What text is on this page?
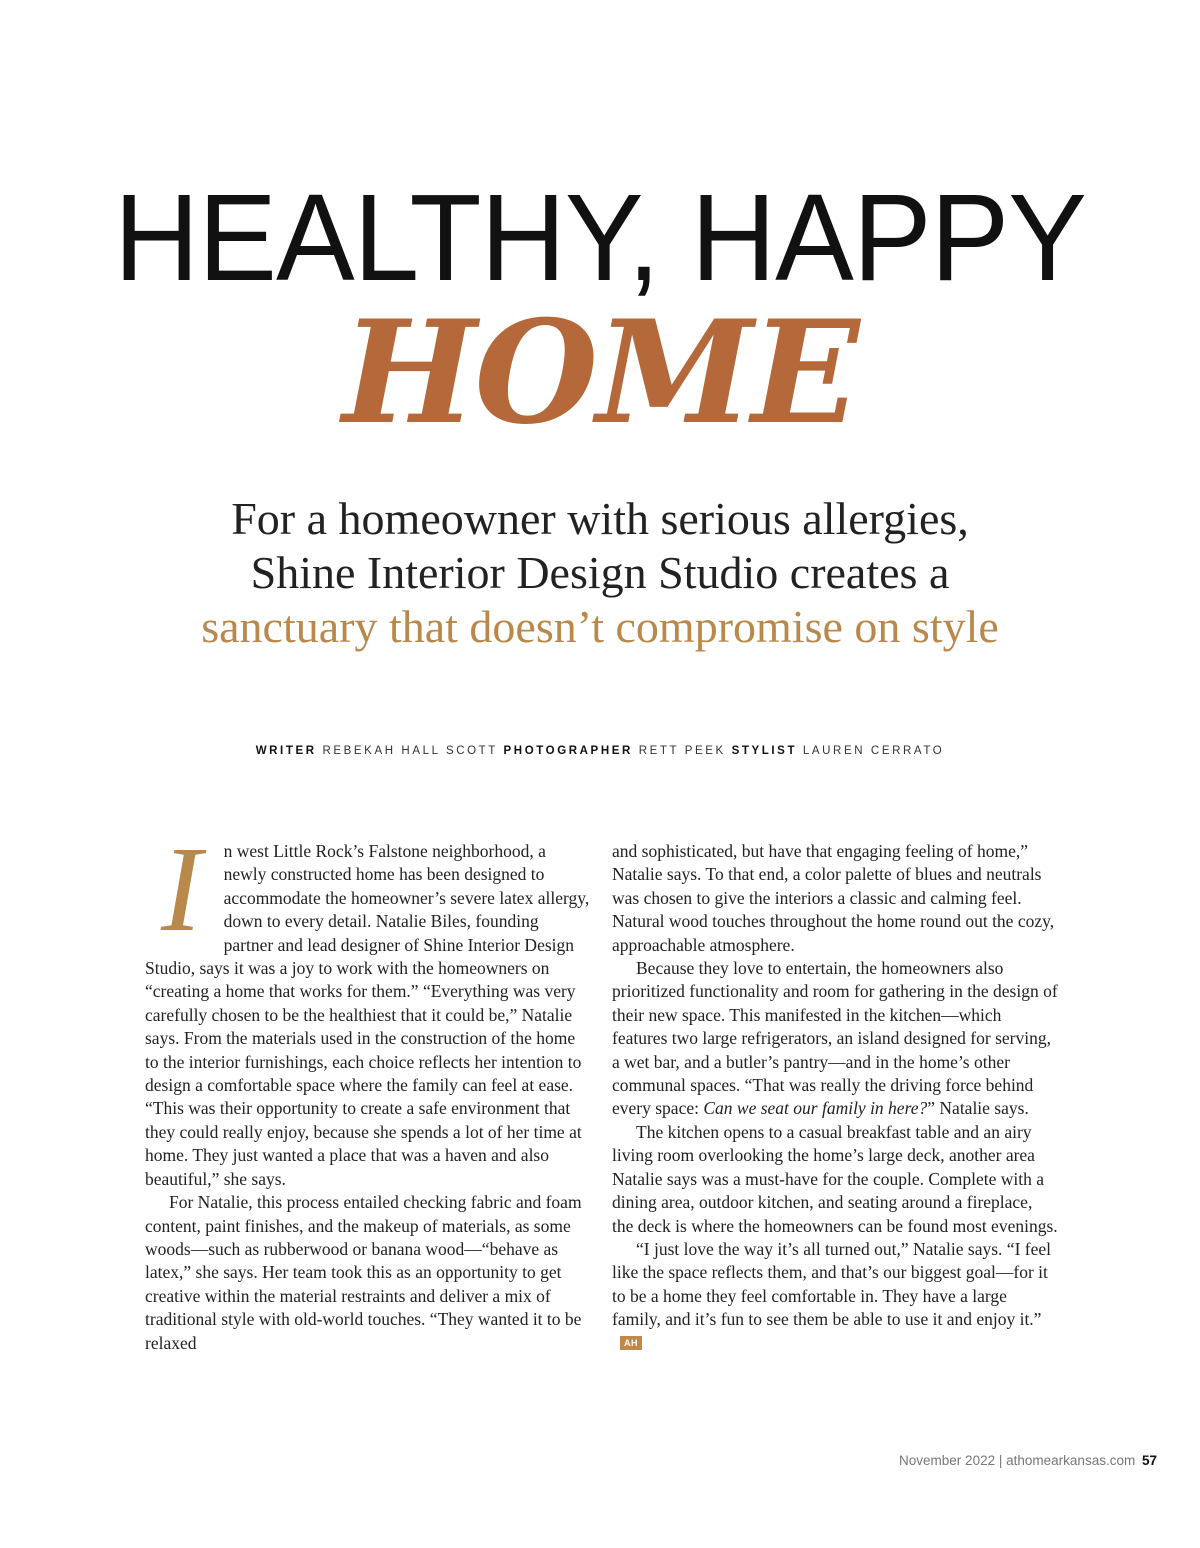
HEALTHY, HAPPY
HOME

For a homeowner with serious allergies, Shine Interior Design Studio creates a sanctuary that doesn’t compromise on style

WRITER REBEKAH HALL SCOTT PHOTOGRAPHER RETT PEEK STYLIST LAUREN CERRATO
I	n west Little Rock’s Falstone neighborhood, a newly constructed home has been designed to accommodate the homeowner’s severe latex allergy, down to every detail. Natalie Biles, founding partner and lead designer of Shine Interior Design Studio, says it was a joy to work with the homeowners on “creating a home that works for them.” “Everything was very carefully chosen to be the healthiest that it could be,” Natalie says. From the materials used in the construction of the home to the interior furnishings, each choice reflects her intention to design a comfortable space where the family can feel at ease. “This was their opportunity to create a safe environment that they could really enjoy, because she spends a lot of her time at home. They just wanted a place that was a haven and also beautiful,” she says.

For Natalie, this process entailed checking fabric and foam content, paint finishes, and the makeup of materials, as some woods—such as rubberwood or banana wood—“behave as latex,” she says. Her team took this as an opportunity to get creative within the material restraints and deliver a mix of traditional style with old-world touches. “They wanted it to be relaxed

and sophisticated, but have that engaging feeling of home,” Natalie says. To that end, a color palette of blues and neutrals was chosen to give the interiors a classic and calming feel. Natural wood touches throughout the home round out the cozy, approachable atmosphere.

Because they love to entertain, the homeowners also prioritized functionality and room for gathering in the design of their new space. This manifested in the kitchen—which features two large refrigerators, an island designed for serving, a wet bar, and a butler’s pantry—and in the home’s other communal spaces. “That was really the driving force behind every space: Can we seat our family in here?” Natalie says.

The kitchen opens to a casual breakfast table and an airy living room overlooking the home’s large deck, another area Natalie says was a must-have for the couple. Complete with a dining area, outdoor kitchen, and seating around a fireplace, the deck is where the homeowners can be found most evenings.

“I just love the way it’s all turned out,” Natalie says. “I feel like the space reflects them, and that’s our biggest goal—for it to be a home they feel comfortable in. They have a large family, and it’s fun to see them be able to use it and enjoy it.”AH

November 2022 | athomearkansas.com 57
